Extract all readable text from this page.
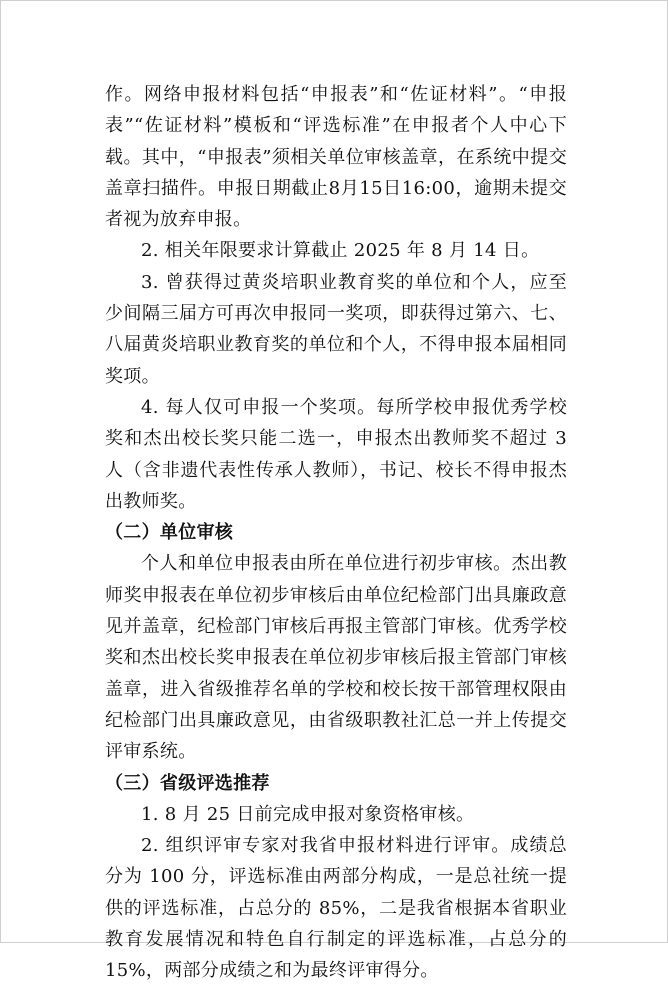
作。网络申报材料包括“申报表”和“佐证材料”。“申报表”“佐证材料”模板和“评选标准”在申报者个人中心下载。其中，“申报表”须相关单位审核盖章，在系统中提交盖章扫描件。申报日期截止8月15日16:00，逾期未提交者视为放弃申报。

2. 相关年限要求计算截止 2025 年 8 月 14 日。

3. 曾获得过黄炎培职业教育奖的单位和个人，应至少间隔三届方可再次申报同一奖项，即获得过第六、七、八届黄炎培职业教育奖的单位和个人，不得申报本届相同奖项。

4. 每人仅可申报一个奖项。每所学校申报优秀学校奖和杰出校长奖只能二选一，申报杰出教师奖不超过 3 人（含非遗代表性传承人教师），书记、校长不得申报杰出教师奖。

（二）单位审核

个人和单位申报表由所在单位进行初步审核。杰出教师奖申报表在单位初步审核后由单位纪检部门出具廉政意见并盖章，纪检部门审核后再报主管部门审核。优秀学校奖和杰出校长奖申报表在单位初步审核后报主管部门审核盖章，进入省级推荐名单的学校和校长按干部管理权限由纪检部门出具廉政意见，由省级职教社汇总一并上传提交评审系统。

（三）省级评选推荐

1. 8 月 25 日前完成申报对象资格审核。

2. 组织评审专家对我省申报材料进行评审。成绩总分为 100 分，评选标准由两部分构成，一是总社统一提供的评选标准，占总分的 85%，二是我省根据本省职业教育发展情况和特色自行制定的评选标准，占总分的 15%，两部分成绩之和为最终评审得分。
